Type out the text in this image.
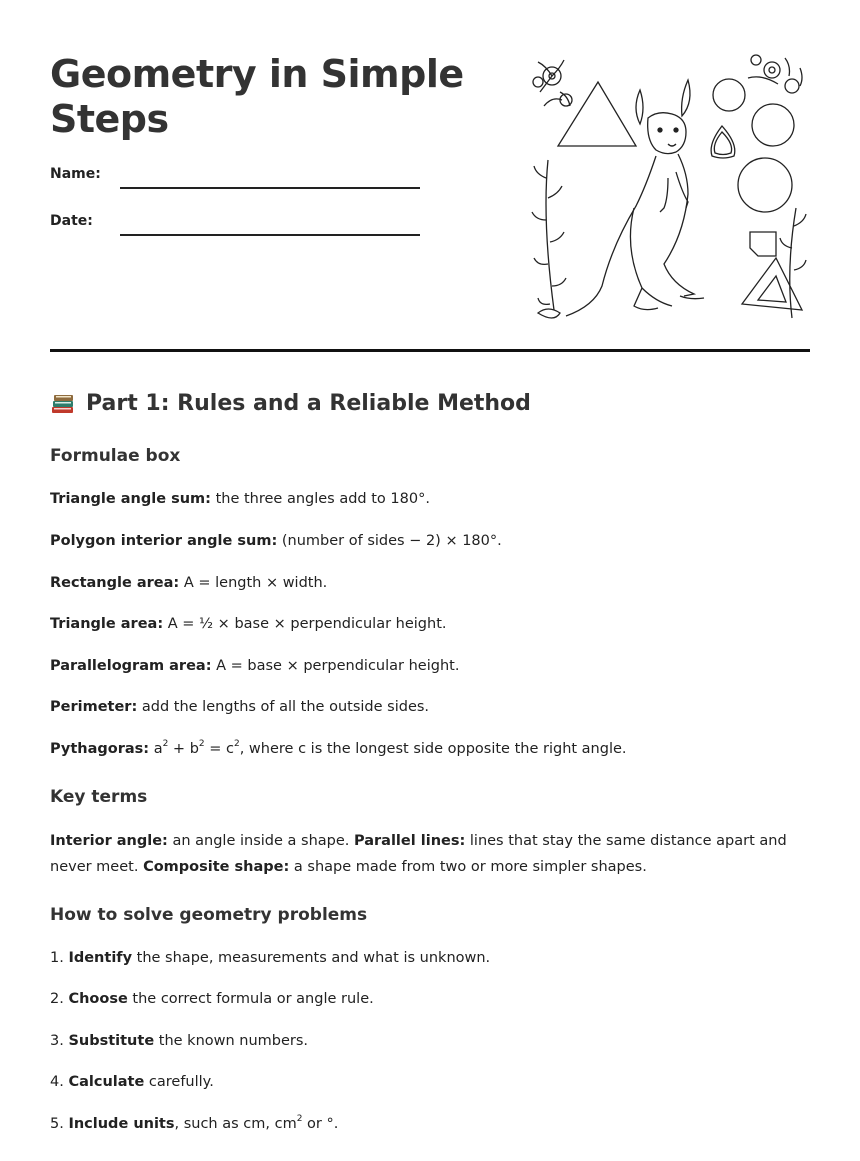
Geometry in Simple
Steps
Name:
Date:
Part 1: Rules and a Reliable Method
Formulae box

Triangle angle sum: the three angles add to 180°.

Polygon interior angle sum: (number of sides − 2) × 180°.

Rectangle area: A = length × width.

Triangle area: A = ½ × base × perpendicular height.

Parallelogram area: A = base × perpendicular height.

Perimeter: add the lengths of all the outside sides.

Pythagoras: $a^2 + b^2 = c^2$, where c is the longest side opposite the right angle.

Key terms

Interior angle: an angle inside a shape. Parallel lines: lines that stay the same distance apart and never meet. Composite shape: a shape made from two or more simpler shapes.

How to solve geometry problems

1. Identify the shape, measurements and what is unknown.

2. Choose the correct formula or angle rule.

3. Substitute the known numbers.

4. Calculate carefully.

5. Include units, such as cm, $cm^2$ or °.
